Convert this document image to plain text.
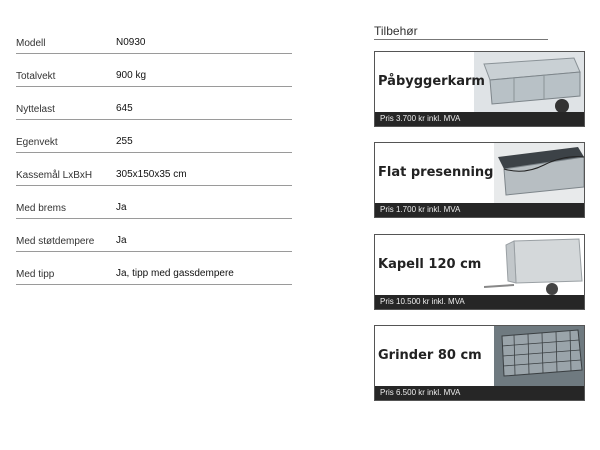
Modell	N0930
Totalvekt	900 kg
Nyttelast	645
Egenvekt	255
Kassemål LxBxH 305x150x35 cm
Med brems	Ja
Med støtdempere Ja
Med tipp	Ja, tipp med gassdempere
Tilbehør
Påbyggerkarm
Pris 3.700 kr inkl. MVA
Flat presenning
Pris 1.700 kr inkl. MVA
Kapell 120 cm
Pris 10.500 kr inkl. MVA
Grinder 80 cm
Pris 6.500 kr inkl. MVA
